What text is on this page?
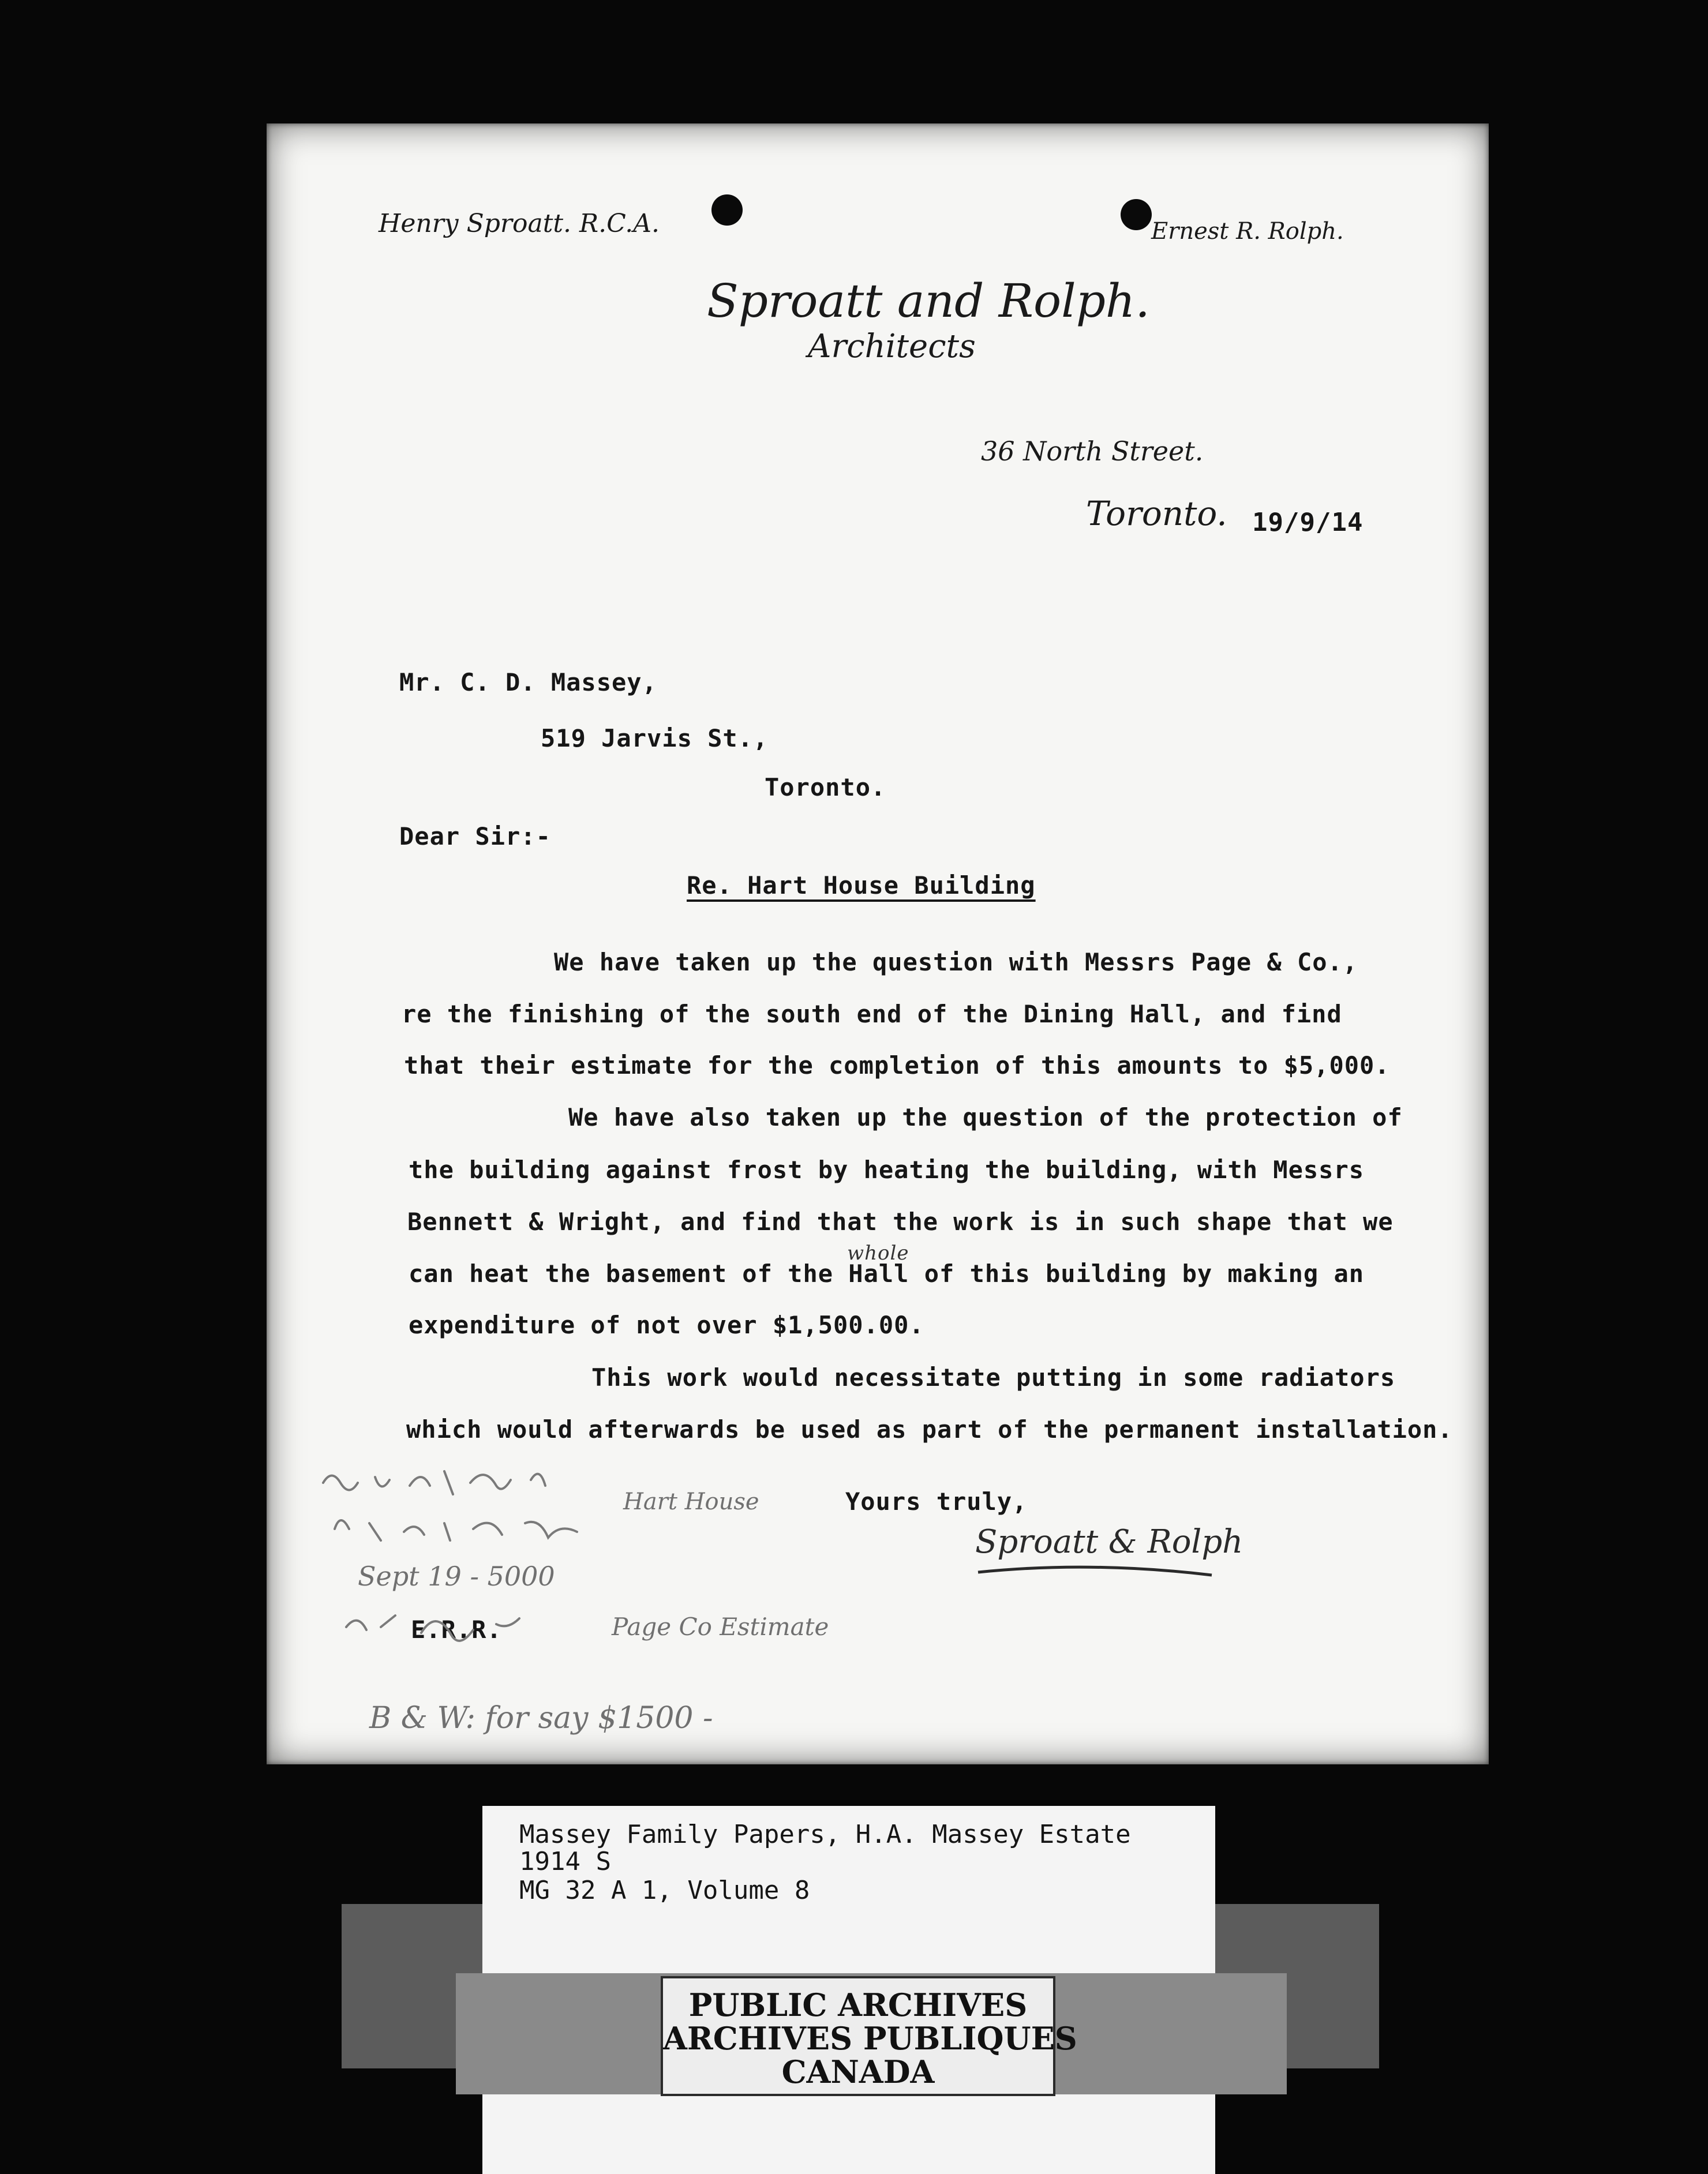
Henry Sproatt. R.C.A.	Ernest R. Rolph.
Sproatt and Rolph.
Architects
36 North Street.
Toronto. 19/9/14
Mr. C. D. Massey,
519 Jarvis St.,
Toronto.
Dear Sir:-
Re. Hart House Building
We have taken up the question with Messrs Page & Co.,
re the finishing of the south end of the Dining Hall, and find
that their estimate for the completion of this amounts to $5,000.
We have also taken up the question of the protection of
the building against frost by heating the building, with Messrs
Bennett & Wright, and find that the work is in such shape that we
whole
can heat the basement of the Hall of this building by making an
expenditure of not over $1,500.00.
This work would necessitate putting in some radiators
which would afterwards be used as part of the permanent installation.
Yours truly,
Sproatt & Rolph
E.R.R.
Hart House
Sept 19 - 5000
Page Co Estimate
B & W: for say $1500 -
Massey Family Papers, H.A. Massey Estate
1914 S
MG 32 A 1, Volume 8
PUBLIC ARCHIVES
ARCHIVES PUBLIQUES
CANADA
